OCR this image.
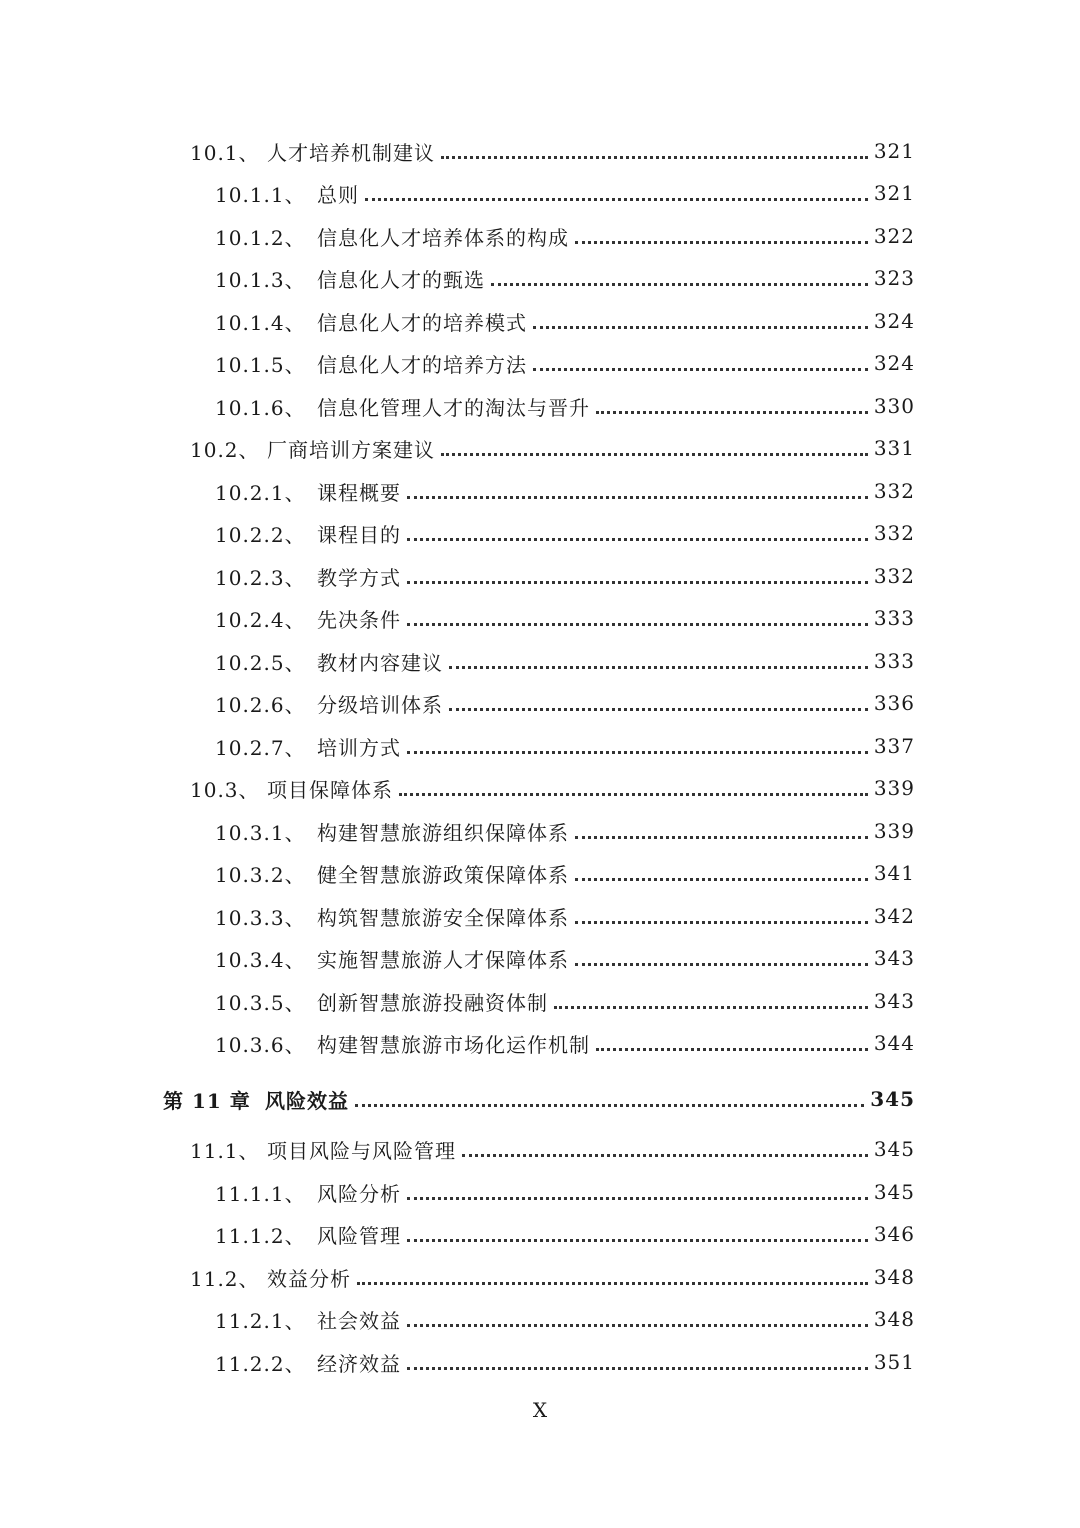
10.1、 人才培养机制建议	321
10.1.1、 总则	321
10.1.2、 信息化人才培养体系的构成	322
10.1.3、 信息化人才的甄选	323
10.1.4、 信息化人才的培养模式	324
10.1.5、 信息化人才的培养方法	324
10.1.6、 信息化管理人才的淘汰与晋升	330
10.2、 厂商培训方案建议	331
10.2.1、 课程概要	332
10.2.2、 课程目的	332
10.2.3、 教学方式	332
10.2.4、 先决条件	333
10.2.5、 教材内容建议	333
10.2.6、 分级培训体系	336
10.2.7、 培训方式	337
10.3、 项目保障体系	339
10.3.1、 构建智慧旅游组织保障体系	339
10.3.2、 健全智慧旅游政策保障体系	341
10.3.3、 构筑智慧旅游安全保障体系	342
10.3.4、 实施智慧旅游人才保障体系	343
10.3.5、 创新智慧旅游投融资体制	343
10.3.6、 构建智慧旅游市场化运作机制	344
第 11 章 风险效益	345
11.1、 项目风险与风险管理	345
11.1.1、 风险分析	345
11.1.2、 风险管理	346
11.2、 效益分析	348
11.2.1、 社会效益	348
11.2.2、 经济效益	351
X
